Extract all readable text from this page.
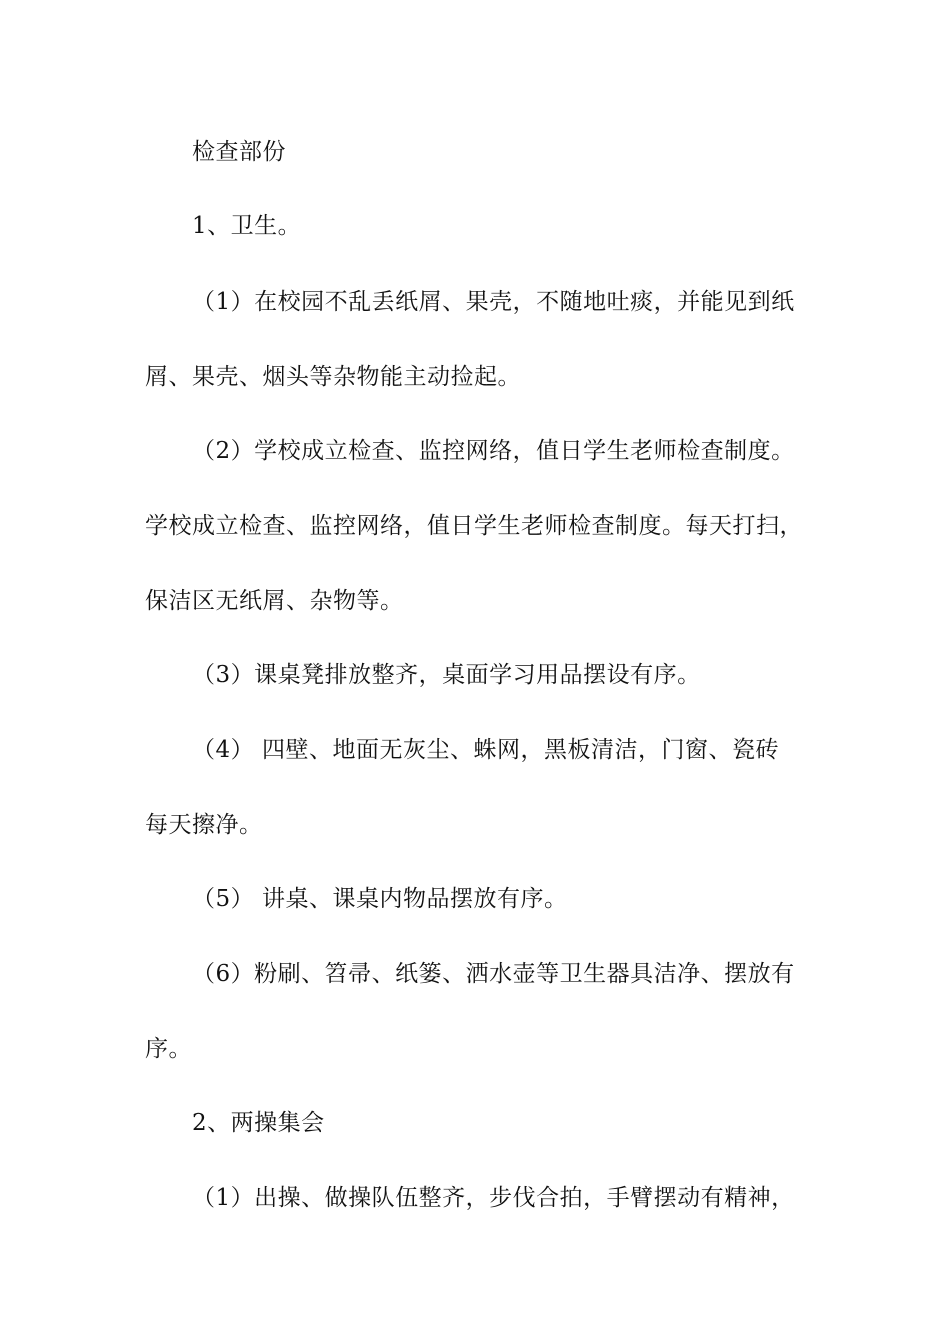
检查部份
1、卫生。
（1）在校园不乱丢纸屑、果壳，不随地吐痰，并能见到纸
屑、果壳、烟头等杂物能主动捡起。
（2）学校成立检查、监控网络，值日学生老师检查制度。
学校成立检查、监控网络，值日学生老师检查制度。每天打扫，
保洁区无纸屑、杂物等。
（3）课桌凳排放整齐，桌面学习用品摆设有序。
（4） 四壁、地面无灰尘、蛛网，黑板清洁，门窗、瓷砖
每天擦净。
（5） 讲桌、课桌内物品摆放有序。
（6）粉刷、笤帚、纸篓、洒水壶等卫生器具洁净、摆放有
序。
2、两操集会
（1）出操、做操队伍整齐，步伐合拍，手臂摆动有精神，
